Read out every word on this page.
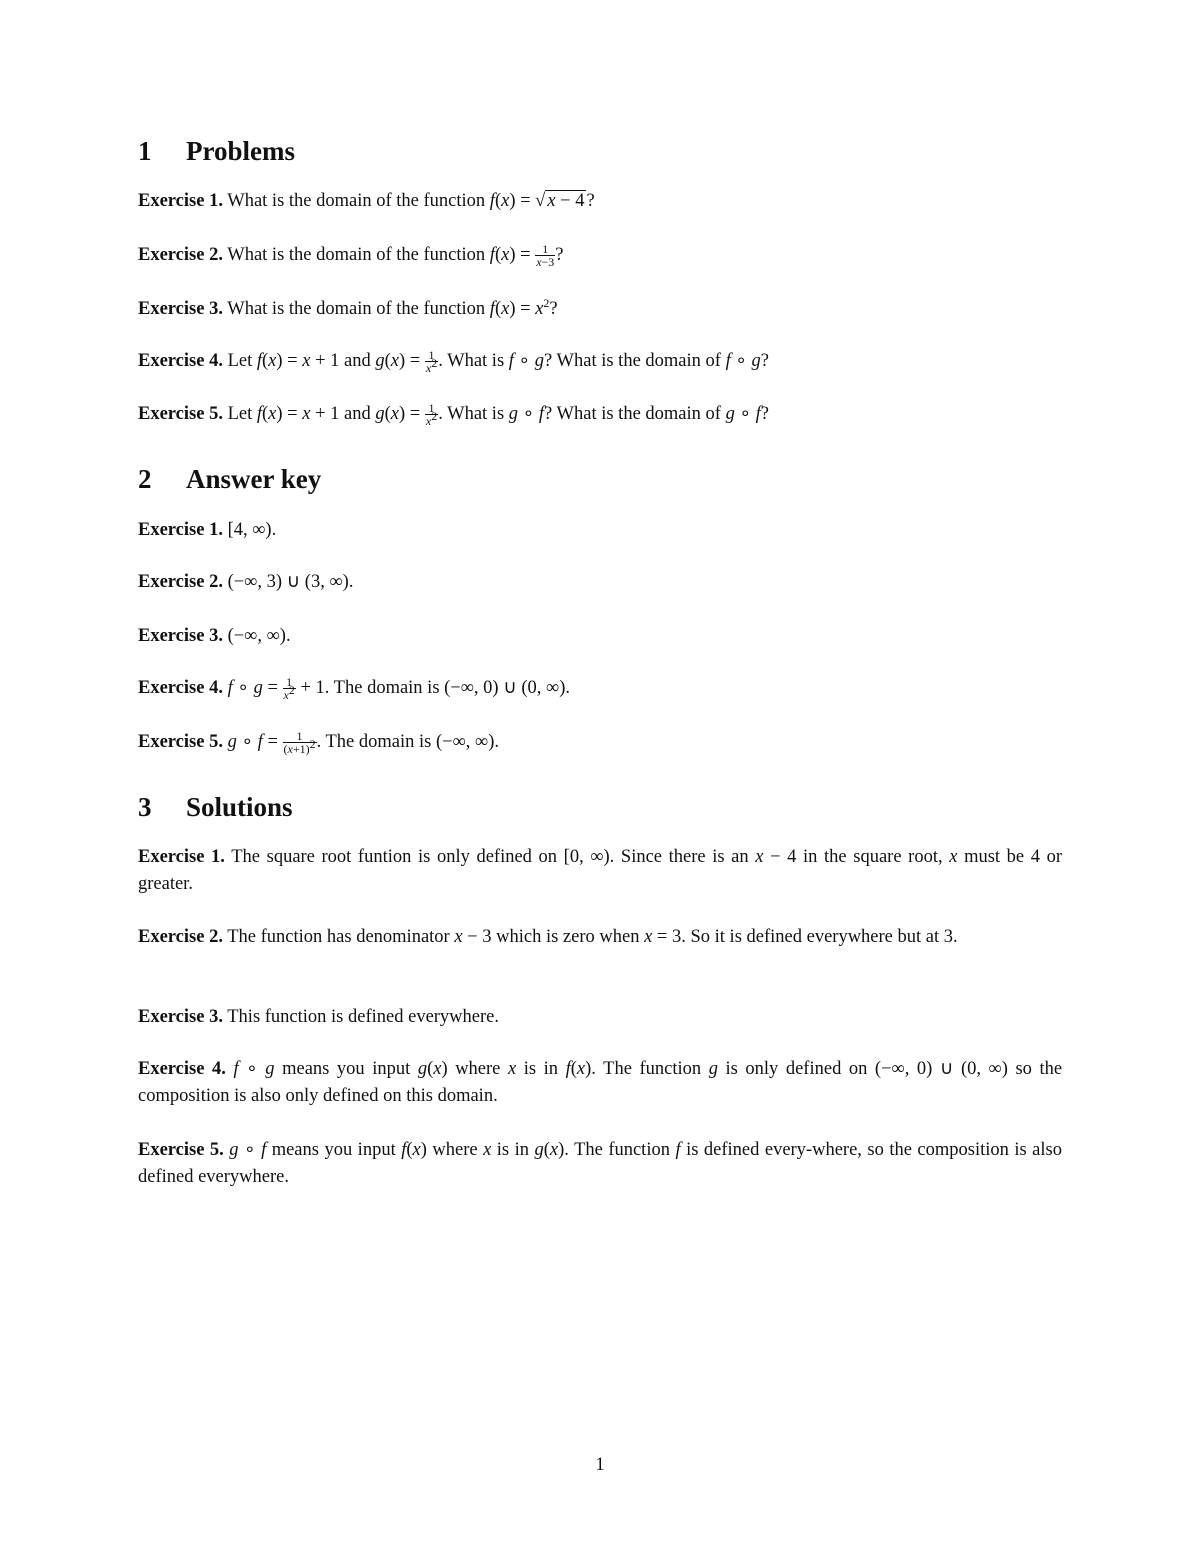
1 Problems
Exercise 1. What is the domain of the function f(x) = √ x − 4 ?
Exercise 2. What is the domain of the function $f(x) = \frac{1}{x-3}$ ?
Exercise 3. What is the domain of the function $f(x) = x^2$?
Exercise 4. Let f(x) = x + 1 and $g(x) = \frac{1}{x^2}$ . What is f ∘ g? What is the domain of f ∘ g?
Exercise 5. Let f(x) = x + 1 and $g(x) = \frac{1}{x^2}$ . What is g ∘ f? What is the domain of g ∘ f?
2 Answer key
Exercise 1. [4, ∞).
Exercise 2. (−∞, 3) ∪ (3, ∞).
Exercise 3. (−∞, ∞).
Exercise 4. f ∘ $g = \frac{1}{x^2} + 1$. The domain is (−∞, 0) ∪ (0, ∞).
Exercise 5. g ∘ $f = \frac{1}{(x+1)^2}$ . The domain is (−∞, ∞).
3 Solutions
Exercise 1. The square root funtion is only defined on [0, ∞). Since there is an x − 4 in the square root, x must be 4 or greater.
Exercise 2. The function has denominator x − 3 which is zero when x = 3. So it is defined everywhere but at 3.
Exercise 3. This function is defined everywhere.
Exercise 4. f ∘ g means you input g(x) where x is in f(x). The function g is only defined on (−∞, 0) ∪ (0, ∞) so the composition is also only defined on this domain.
Exercise 5. g ∘ f means you input f(x) where x is in g(x). The function f is defined every-where, so the composition is also defined everywhere.
1
